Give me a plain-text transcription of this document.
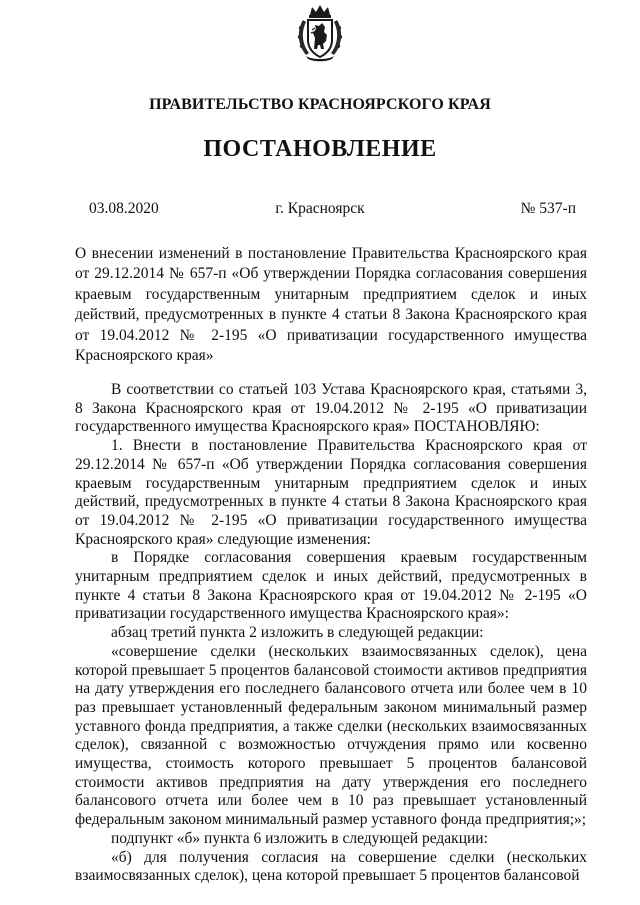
ПРАВИТЕЛЬСТВО КРАСНОЯРСКОГО КРАЯ
ПОСТАНОВЛЕНИЕ
03.08.2020	г. Красноярск	№ 537-п
О внесении изменений в постановление Правительства Красноярского края от 29.12.2014 № 657-п «Об утверждении Порядка согласования совершения краевым государственным унитарным предприятием сделок и иных действий, предусмотренных в пункте 4 статьи 8 Закона Красноярского края от 19.04.2012 № 2-195 «О приватизации государственного имущества Красноярского края»

В соответствии со статьей 103 Устава Красноярского края, статьями 3, 8 Закона Красноярского края от 19.04.2012 № 2-195 «О приватизации государственного имущества Красноярского края» ПОСТАНОВЛЯЮ:

1. Внести в постановление Правительства Красноярского края от 29.12.2014 № 657-п «Об утверждении Порядка согласования совершения краевым государственным унитарным предприятием сделок и иных действий, предусмотренных в пункте 4 статьи 8 Закона Красноярского края от 19.04.2012 № 2-195 «О приватизации государственного имущества Красноярского края» следующие изменения:

в Порядке согласования совершения краевым государственным унитарным предприятием сделок и иных действий, предусмотренных в пункте 4 статьи 8 Закона Красноярского края от 19.04.2012 № 2-195 «О приватизации государственного имущества Красноярского края»:

абзац третий пункта 2 изложить в следующей редакции:

«совершение сделки (нескольких взаимосвязанных сделок), цена которой превышает 5 процентов балансовой стоимости активов предприятия на дату утверждения его последнего балансового отчета или более чем в 10 раз превышает установленный федеральным законом минимальный размер уставного фонда предприятия, а также сделки (нескольких взаимосвязанных сделок), связанной с возможностью отчуждения прямо или косвенно имущества, стоимость которого превышает 5 процентов балансовой стоимости активов предприятия на дату утверждения его последнего балансового отчета или более чем в 10 раз превышает установленный федеральным законом минимальный размер уставного фонда предприятия;»;

подпункт «б» пункта 6 изложить в следующей редакции:

«б) для получения согласия на совершение сделки (нескольких взаимосвязанных сделок), цена которой превышает 5 процентов балансовой
